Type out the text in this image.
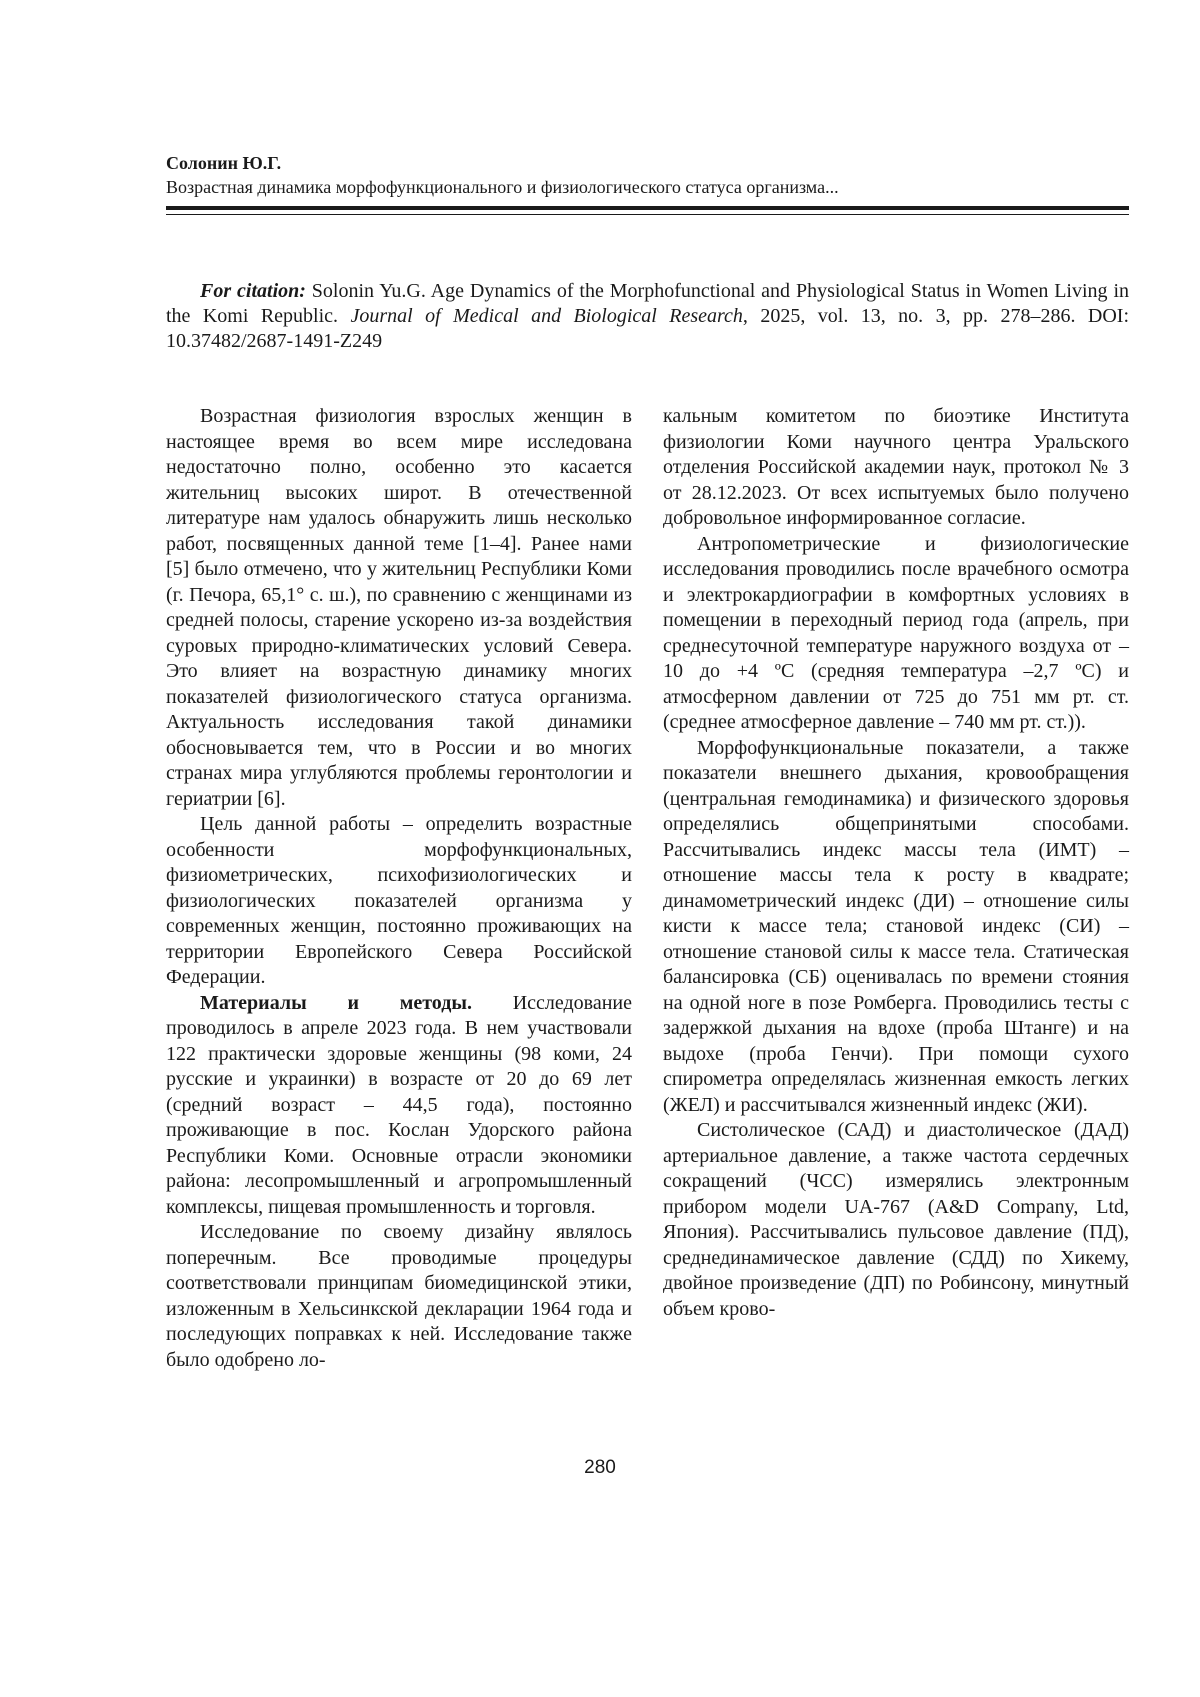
Солонин Ю.Г.
Возрастная динамика морфофункционального и физиологического статуса организма...
For citation: Solonin Yu.G. Age Dynamics of the Morphofunctional and Physiological Status in Women Living in the Komi Republic. Journal of Medical and Biological Research, 2025, vol. 13, no. 3, pp. 278–286. DOI: 10.37482/2687-1491-Z249

Возрастная физиология взрослых женщин в настоящее время во всем мире исследована недостаточно полно, особенно это касается жительниц высоких широт. В отечественной литературе нам удалось обнаружить лишь несколько работ, посвященных данной теме [1–4]. Ранее нами [5] было отмечено, что у жительниц Республики Коми (г. Печора, 65,1° с. ш.), по сравнению с женщинами из средней полосы, старение ускорено из-за воздействия суровых природно-климатических условий Севера. Это влияет на возрастную динамику многих показателей физиологического статуса организма. Актуальность исследования такой динамики обосновывается тем, что в России и во многих странах мира углубляются проблемы геронтологии и гериатрии [6].

Цель данной работы – определить возрастные особенности морфофункциональных, физиометрических, психофизиологических и физиологических показателей организма у современных женщин, постоянно проживающих на территории Европейского Севера Российской Федерации.

Материалы и методы. Исследование проводилось в апреле 2023 года. В нем участвовали 122 практически здоровые женщины (98 коми, 24 русские и украинки) в возрасте от 20 до 69 лет (средний возраст – 44,5 года), постоянно проживающие в пос. Кослан Удорского района Республики Коми. Основные отрасли экономики района: лесопромышленный и агропромышленный комплексы, пищевая промышленность и торговля.

Исследование по своему дизайну являлось поперечным. Все проводимые процедуры соответствовали принципам биомедицинской этики, изложенным в Хельсинкской декларации 1964 года и последующих поправках к ней. Исследование также было одобрено ло-

кальным комитетом по биоэтике Института физиологии Коми научного центра Уральского отделения Российской академии наук, протокол № 3 от 28.12.2023. От всех испытуемых было получено добровольное информированное согласие.

Антропометрические и физиологические исследования проводились после врачебного осмотра и электрокардиографии в комфортных условиях в помещении в переходный период года (апрель, при среднесуточной температуре наружного воздуха от –10 до +4 ºС (средняя температура –2,7 ºС) и атмосферном давлении от 725 до 751 мм рт. ст. (среднее атмосферное давление – 740 мм рт. ст.)).

Морфофункциональные показатели, а также показатели внешнего дыхания, кровообращения (центральная гемодинамика) и физического здоровья определялись общепринятыми способами. Рассчитывались индекс массы тела (ИМТ) – отношение массы тела к росту в квадрате; динамометрический индекс (ДИ) – отношение силы кисти к массе тела; становой индекс (СИ) – отношение становой силы к массе тела. Статическая балансировка (СБ) оценивалась по времени стояния на одной ноге в позе Ромберга. Проводились тесты с задержкой дыхания на вдохе (проба Штанге) и на выдохе (проба Генчи). При помощи сухого спирометра определялась жизненная емкость легких (ЖЕЛ) и рассчитывался жизненный индекс (ЖИ).

Систолическое (САД) и диастолическое (ДАД) артериальное давление, а также частота сердечных сокращений (ЧСС) измерялись электронным прибором модели UA-767 (A&D Company, Ltd, Япония). Рассчитывались пульсовое давление (ПД), среднединамическое давление (СДД) по Хикему, двойное произведение (ДП) по Робинсону, минутный объем крово-

280
